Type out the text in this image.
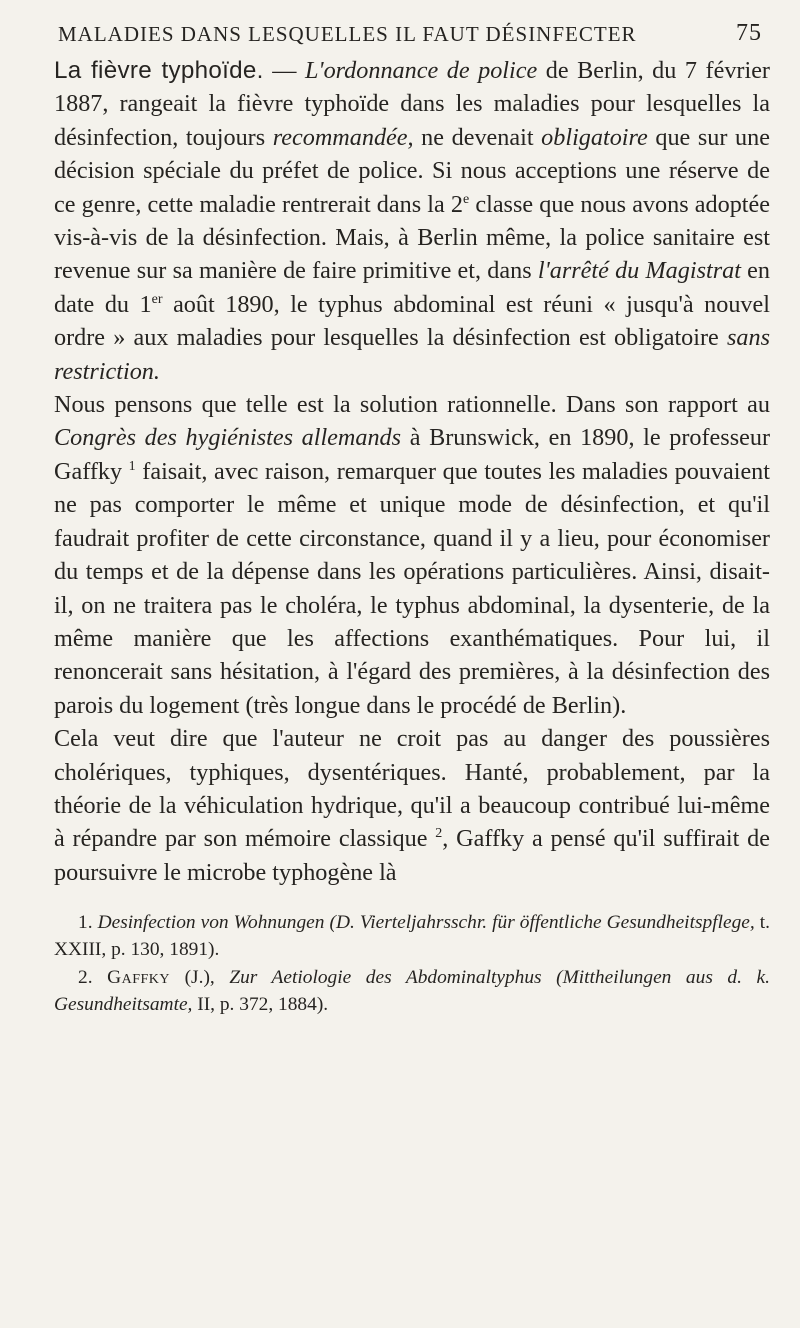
MALADIES DANS LESQUELLES IL FAUT DÉSINFECTER	75

La fièvre typhoïde. — L'ordonnance de police de Berlin, du 7 février 1887, rangeait la fièvre typhoïde dans les maladies pour lesquelles la désinfection, toujours recommandée, ne devenait obligatoire que sur une décision spéciale du préfet de police. Si nous acceptions une réserve de ce genre, cette maladie rentrerait dans la 2e classe que nous avons adoptée vis-à-vis de la désinfection. Mais, à Berlin même, la police sanitaire est revenue sur sa manière de faire primitive et, dans l'arrêté du Magistrat en date du 1er août 1890, le typhus abdominal est réuni « jusqu'à nouvel ordre » aux maladies pour lesquelles la désinfection est obligatoire sans restriction.

Nous pensons que telle est la solution rationnelle. Dans son rapport au Congrès des hygiénistes allemands à Brunswick, en 1890, le professeur Gaffky $^1$ faisait, avec raison, remarquer que toutes les maladies pouvaient ne pas comporter le même et unique mode de désinfection, et qu'il faudrait profiter de cette circonstance, quand il y a lieu, pour économiser du temps et de la dépense dans les opérations particulières. Ainsi, disait-il, on ne traitera pas le choléra, le typhus abdominal, la dysenterie, de la même manière que les affections exanthématiques. Pour lui, il renoncerait sans hésitation, à l'égard des premières, à la désinfection des parois du logement (très longue dans le procédé de Berlin).

Cela veut dire que l'auteur ne croit pas au danger des poussières cholériques, typhiques, dysentériques. Hanté, probablement, par la théorie de la véhiculation hydrique, qu'il a beaucoup contribué lui-même à répandre par son mémoire classique $^2$, Gaffky a pensé qu'il suffirait de poursuivre le microbe typhogène là

1. Desinfection von Wohnungen (D. Vierteljahrsschr. für öffentliche Gesundheitspflege, t. XXIII, p. 130, 1891).

2. Gaffky (J.), Zur Aetiologie des Abdominaltyphus (Mittheilungen aus d. k. Gesundheitsamte, II, p. 372, 1884).
